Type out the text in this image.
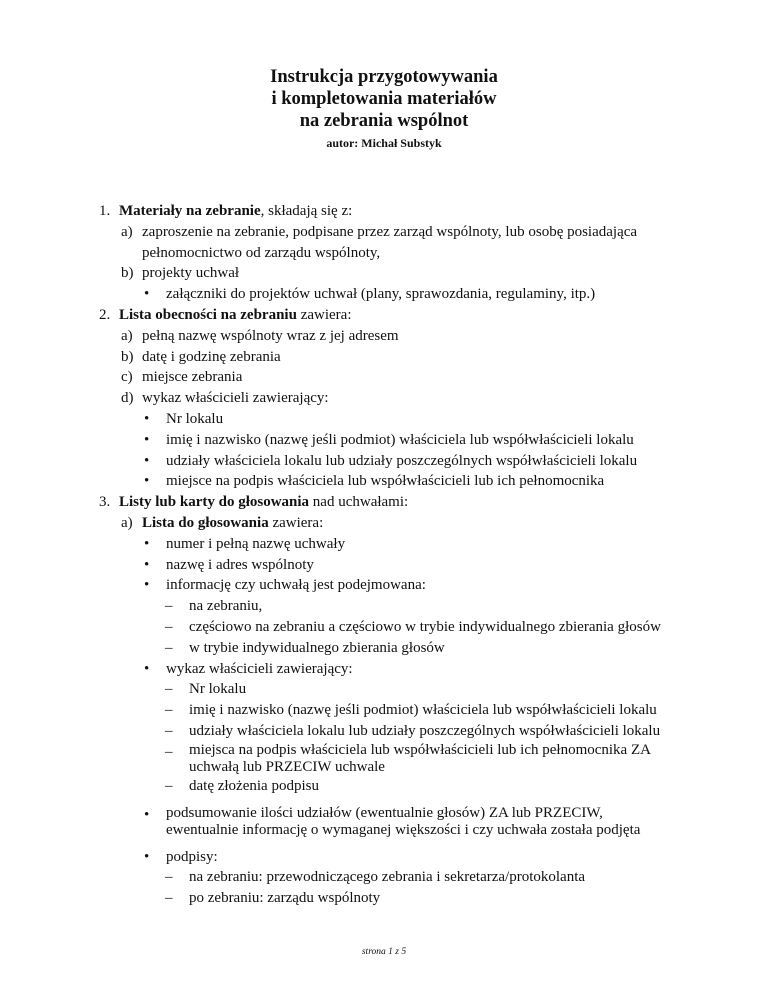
Instrukcja przygotowywania
i kompletowania materiałów
na zebrania wspólnot
autor: Michał Substyk
1. Materiały na zebranie, składają się z:
a) zaproszenie na zebranie, podpisane przez zarząd wspólnoty, lub osobę posiadająca
pełnomocnictwo od zarządu wspólnoty,
b) projekty uchwał
•	załączniki do projektów uchwał (plany, sprawozdania, regulaminy, itp.)
2. Lista obecności na zebraniu zawiera:
a) pełną nazwę wspólnoty wraz z jej adresem
b) datę i godzinę zebrania
c) miejsce zebrania
d) wykaz właścicieli zawierający:
•	Nr lokalu
•	imię i nazwisko (nazwę jeśli podmiot) właściciela lub współwłaścicieli lokalu
•	udziały właściciela lokalu lub udziały poszczególnych współwłaścicieli lokalu
•	miejsce na podpis właściciela lub współwłaścicieli lub ich pełnomocnika
3. Listy lub karty do głosowania nad uchwałami:
a) Lista do głosowania zawiera:
•	numer i pełną nazwę uchwały
•	nazwę i adres wspólnoty
•	informację czy uchwałą jest podejmowana:
–	na zebraniu,
–	częściowo na zebraniu a częściowo w trybie indywidualnego zbierania głosów
–	w trybie indywidualnego zbierania głosów
•	wykaz właścicieli zawierający:
–	Nr lokalu
–	imię i nazwisko (nazwę jeśli podmiot) właściciela lub współwłaścicieli lokalu
–	udziały właściciela lokalu lub udziały poszczególnych współwłaścicieli lokalu
–	miejsca na podpis właściciela lub współwłaścicieli lub ich pełnomocnika ZA
uchwałą lub PRZECIW uchwale
–	datę złożenia podpisu
•	podsumowanie ilości udziałów (ewentualnie głosów) ZA lub PRZECIW,
ewentualnie informację o wymaganej większości i czy uchwała została podjęta
•	podpisy:
–	na zebraniu: przewodniczącego zebrania i sekretarza/protokolanta
–	po zebraniu: zarządu wspólnoty
strona 1 z 5
